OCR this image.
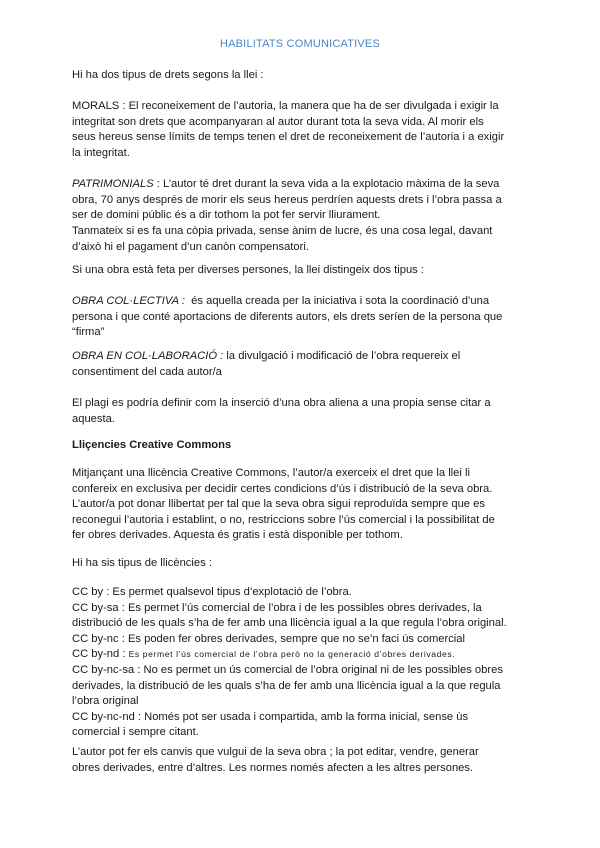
HABILITATS COMUNICATIVES

Hi ha dos tipus de drets segons la llei :

MORALS : El reconeixement de l’autoria, la manera que ha de ser divulgada i exigir la integritat son drets que acompanyaran al autor durant tota la seva vida. Al morir els seus hereus sense límits de temps tenen el dret de reconeixement de l’autoria i a exigir la integritat.

PATRIMONIALS : L’autor té dret durant la seva vida a la explotacio màxima de la seva obra, 70 anys després de morir els seus hereus perdríen aquests drets i l’obra passa a ser de domini públic és a dir tothom la pot fer servir lliurament.

Tanmateix si es fa una còpia privada, sense ànim de lucre, és una cosa legal, davant d’això hi el pagament d’un canòn compensatori.

Si una obra està feta per diverses persones, la llei distingeix dos tipus :

OBRA COL·LECTIVA : és aquella creada per la iniciativa i sota la coordinació d’una persona i que conté aportacions de diferents autors, els drets seríen de la persona que “firma”

OBRA EN COL·LABORACIÓ : la divulgació i modificació de l’obra requereix el consentiment del cada autor/a

El plagi es podría definir com la inserció d’una obra aliena a una propia sense citar a aquesta.

Lliçencies Creative Commons

Mitjançant una llicència Creative Commons, l’autor/a exerceix el dret que la llei li confereix en exclusiva per decidir certes condicions d’ús i distribució de la seva obra. L’autor/a pot donar llibertat per tal que la seva obra sigui reproduïda sempre que es reconegui l’autoria i establint, o no, restriccions sobre l’ús comercial i la possibilitat de fer obres derivades. Aquesta és gratis i està disponible per tothom.

Hi ha sis tipus de llicències :

CC by : Es permet qualsevol tipus d’explotació de l’obra.
CC by-sa : Es permet l’ús comercial de l’obra i de les possibles obres derivades, la distribució de les quals s’ha de fer amb una llicència igual a la que regula l’obra original.
CC by-nc : Es poden fer obres derivades, sempre que no se’n faci ús comercial
CC by-nd : Es permet l’ús comercial de l’obra però no la generació d’obres derivades.
CC by-nc-sa : No es permet un ús comercial de l’obra original ni de les possibles obres derivades, la distribució de les quals s’ha de fer amb una llicència igual a la que regula l’obra original
CC by-nc-nd : Només pot ser usada i compartida, amb la forma inicial, sense ùs comercial i sempre citant.

L’autor pot fer els canvis que vulgui de la seva obra ; la pot editar, vendre, generar obres derivades, entre d’altres. Les normes només afecten a les altres persones.
